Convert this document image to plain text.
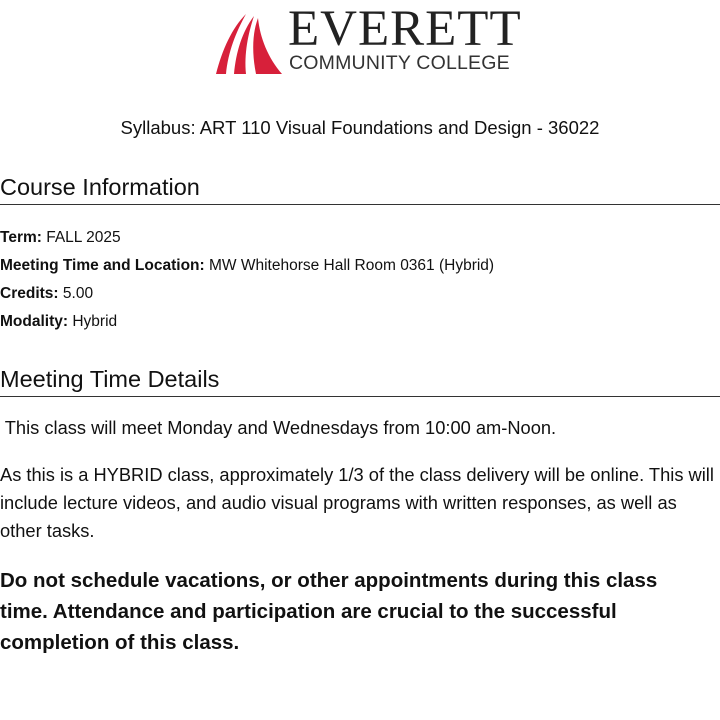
EVERETT
COMMUNITY COLLEGE
Syllabus: ART 110 Visual Foundations and Design - 36022
Course Information
Term: FALL 2025
Meeting Time and Location: MW Whitehorse Hall Room 0361 (Hybrid)
Credits: 5.00
Modality: Hybrid
Meeting Time Details

This class will meet Monday and Wednesdays from 10:00 am-Noon.

As this is a HYBRID class, approximately 1/3 of the class delivery will be online. This will include lecture videos, and audio visual programs with written responses, as well as other tasks.

Do not schedule vacations, or other appointments during this class time. Attendance and participation are crucial to the successful completion of this class.
